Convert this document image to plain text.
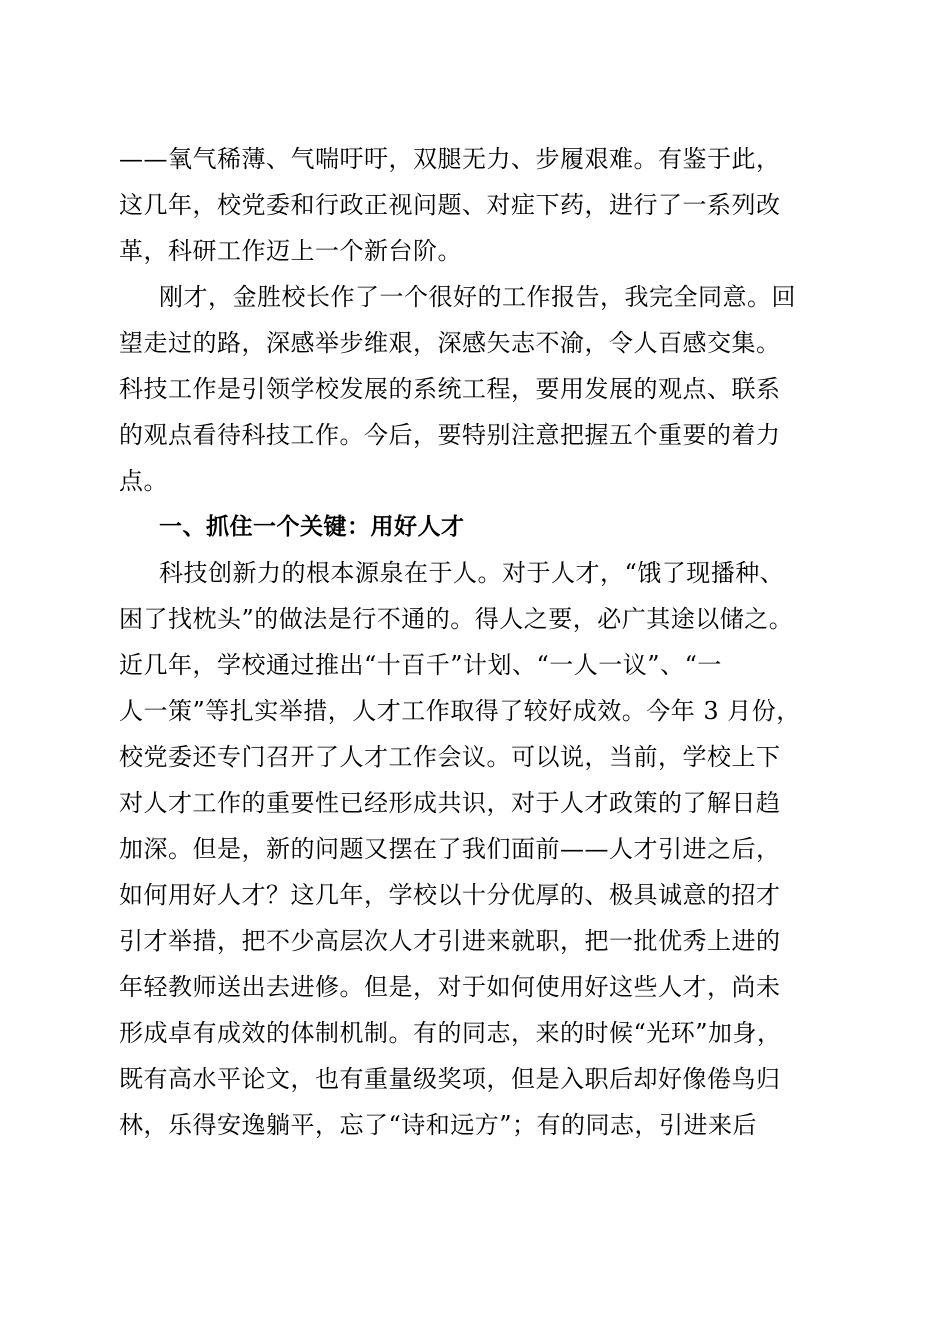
——氧气稀薄、气喘吁吁，双腿无力、步履艰难。有鉴于此，
这几年，校党委和行政正视问题、对症下药，进行了一系列改
革，科研工作迈上一个新台阶。
刚才，金胜校长作了一个很好的工作报告，我完全同意。回
望走过的路，深感举步维艰，深感矢志不渝，令人百感交集。
科技工作是引领学校发展的系统工程，要用发展的观点、联系
的观点看待科技工作。今后，要特别注意把握五个重要的着力
点。
一、抓住一个关键：用好人才
科技创新力的根本源泉在于人。对于人才，“饿了现播种、
困了找枕头”的做法是行不通的。得人之要，必广其途以储之。
近几年，学校通过推出“十百千”计划、“一人一议”、“一
人一策”等扎实举措，人才工作取得了较好成效。今年 3 月份，
校党委还专门召开了人才工作会议。可以说，当前，学校上下
对人才工作的重要性已经形成共识，对于人才政策的了解日趋
加深。但是，新的问题又摆在了我们面前——人才引进之后，
如何用好人才？这几年，学校以十分优厚的、极具诚意的招才
引才举措，把不少高层次人才引进来就职，把一批优秀上进的
年轻教师送出去进修。但是，对于如何使用好这些人才，尚未
形成卓有成效的体制机制。有的同志，来的时候“光环”加身，
既有高水平论文，也有重量级奖项，但是入职后却好像倦鸟归
林，乐得安逸躺平，忘了“诗和远方”；有的同志，引进来后
